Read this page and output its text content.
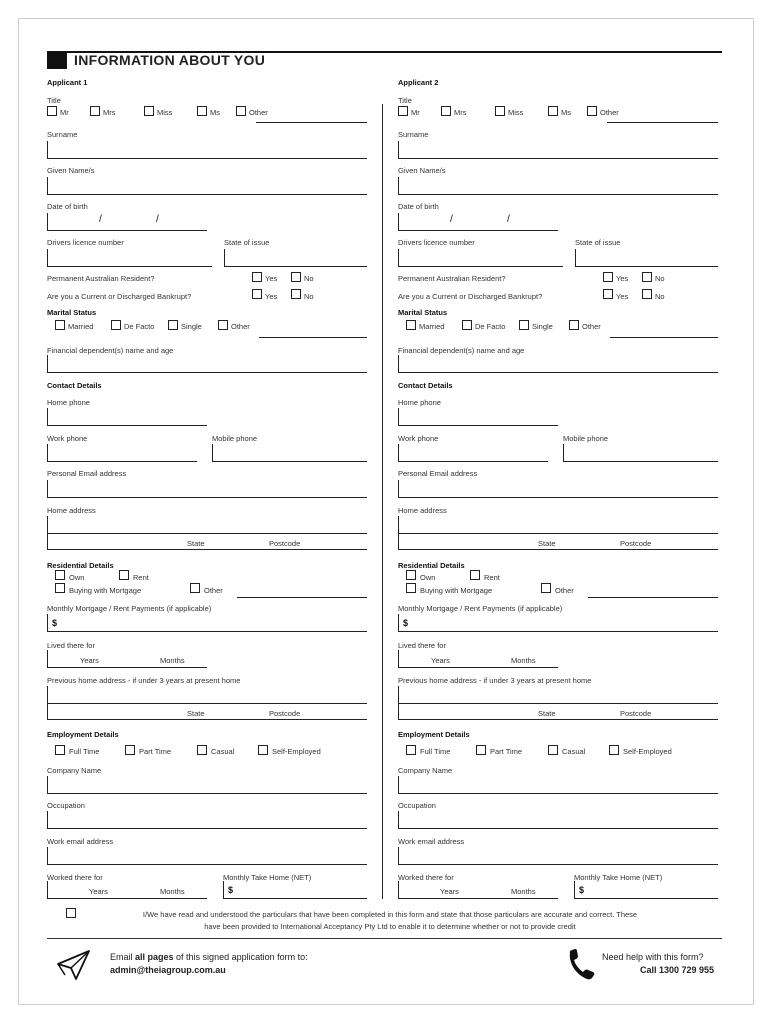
INFORMATION ABOUT YOU
Applicant 1
Title
Mr	Mrs	Miss	Ms	Other
Surname
Given Name/s
Date of birth
/	/
Drivers licence number	State of issue
Permanent Australian Resident?	Yes	No
Are you a Current or Discharged Bankrupt?	Yes	No
Marital Status
Married	De Facto	Single	Other
Financial dependent(s) name and age
Contact Details
Home phone
Work phone	Mobile phone
Personal Email address
Home address
State	Postcode
Residential Details
Own	Rent
Buying with Mortgage	Other
Monthly Mortgage / Rent Payments (if applicable)
$
Lived there for
Years	Months
Previous home address - if under 3 years at present home
State	Postcode
Employment Details
Full Time	Part Time	Casual	Self-Employed
Company Name
Occupation
Work email address
Worked there for
Years	Months
Monthly Take Home (NET)
$
Applicant 2
Title
Mr	Mrs	Miss	Ms	Other
Surname
Given Name/s
Date of birth
/	/
Drivers licence number	State of issue
Permanent Australian Resident?	Yes	No
Are you a Current or Discharged Bankrupt?	Yes	No
Marital Status
Married	De Facto	Single	Other
Financial dependent(s) name and age
Contact Details
Home phone
Work phone	Mobile phone
Personal Email address
Home address
State	Postcode
Residential Details
Own	Rent
Buying with Mortgage	Other
Monthly Mortgage / Rent Payments (if applicable)
$
Lived there for
Years	Months
Previous home address - if under 3 years at present home
State	Postcode
Employment Details
Full Time	Part Time	Casual	Self-Employed
Company Name
Occupation
Work email address
Worked there for
Years	Months
Monthly Take Home (NET)
$
I/We have read and understood the particulars that have been completed in this form and state that those particulars are accurate and correct. These
have been provided to International Acceptancy Pty Ltd to enable it to determine whether or not to provide credit
Email all pages of this signed application form to:
admin@theiagroup.com.au
Need help with this form?
Call 1300 729 955
